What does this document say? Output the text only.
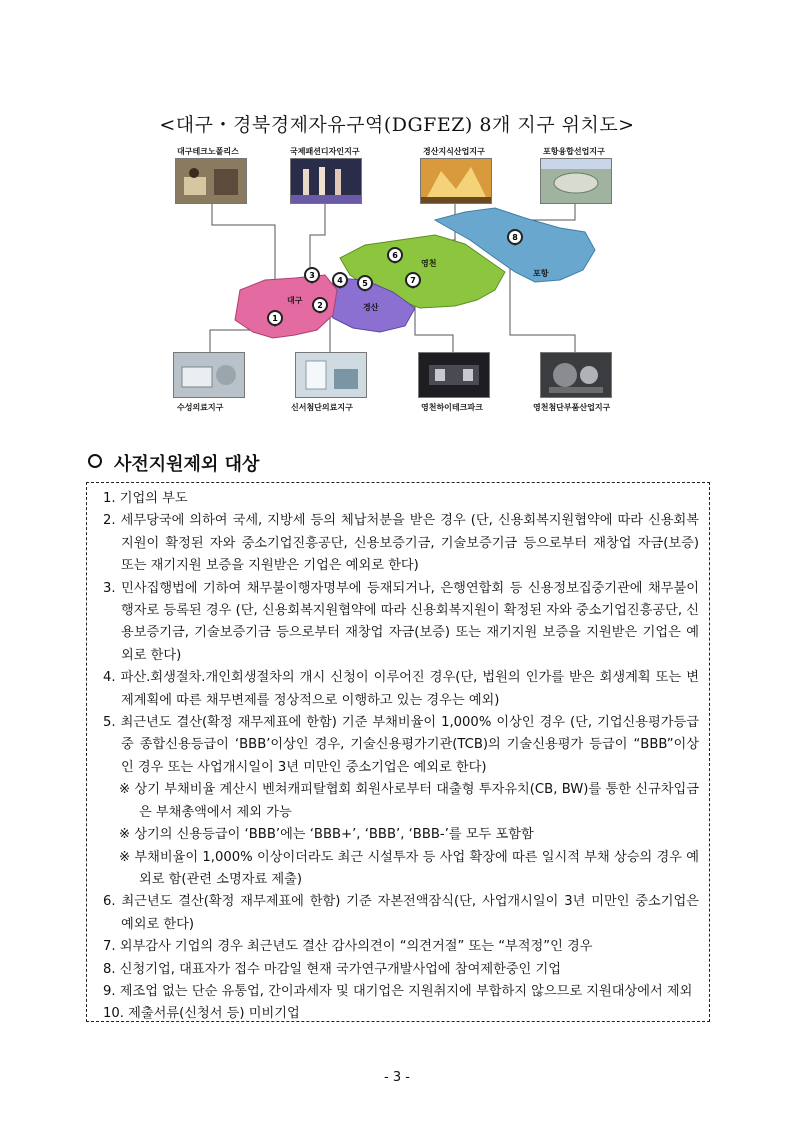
<대구・경북경제자유구역(DGFEZ) 8개 지구 위치도>
1
2
3
4 5
6
7
8
대구
경산
영천
포항
대구테크노폴리스	국제패션디자인지구	경산지식산업지구	포항융합선업지구
수성의료지구	신서첨단의료지구	영천하이테크파크	영천첨단부품산업지구
사전지원제외 대상
1. 기업의 부도
2. 세무당국에 의하여 국세, 지방세 등의 체납처분을 받은 경우 (단, 신용회복지원협약에 따라 신용회복지원이 확정된 자와 중소기업진흥공단, 신용보증기금, 기술보증기금 등으로부터 재창업 자금(보증) 또는 재기지원 보증을 지원받은 기업은 예외로 한다)
3. 민사집행법에 기하여 채무불이행자명부에 등재되거나, 은행연합회 등 신용정보집중기관에 채무불이행자로 등록된 경우 (단, 신용회복지원협약에 따라 신용회복지원이 확정된 자와 중소기업진흥공단, 신용보증기금, 기술보증기금 등으로부터 재창업 자금(보증) 또는 재기지원 보증을 지원받은 기업은 예외로 한다)
4. 파산.회생절차.개인회생절차의 개시 신청이 이루어진 경우(단, 법원의 인가를 받은 회생계획 또는 변제계획에 따른 채무변제를 정상적으로 이행하고 있는 경우는 예외)
5. 최근년도 결산(확정 재무제표에 한함) 기준 부채비율이 1,000% 이상인 경우 (단, 기업신용평가등급 중 종합신용등급이 ‘BBB’이상인 경우, 기술신용평가기관(TCB)의 기술신용평가 등급이 “BBB”이상인 경우 또는 사업개시일이 3년 미만인 중소기업은 예외로 한다)
※ 상기 부채비율 계산시 벤쳐캐피탈협회 회원사로부터 대출형 투자유치(CB, BW)를 통한 신규차입금은 부채총액에서 제외 가능
※ 상기의 신용등급이 ‘BBB’에는 ‘BBB+’, ‘BBB’, ‘BBB-’를 모두 포함함
※ 부채비율이 1,000% 이상이더라도 최근 시설투자 등 사업 확장에 따른 일시적 부채 상승의 경우 예외로 함(관련 소명자료 제출)
6. 최근년도 결산(확정 재무제표에 한함) 기준 자본전액잠식(단, 사업개시일이 3년 미만인 중소기업은 예외로 한다)
7. 외부감사 기업의 경우 최근년도 결산 감사의견이 “의견거절” 또는 “부적정”인 경우
8. 신청기업, 대표자가 접수 마감일 현재 국가연구개발사업에 참여제한중인 기업
9. 제조업 없는 단순 유통업, 간이과세자 및 대기업은 지원취지에 부합하지 않으므로 지원대상에서 제외
10. 제출서류(신청서 등) 미비기업
- 3 -
